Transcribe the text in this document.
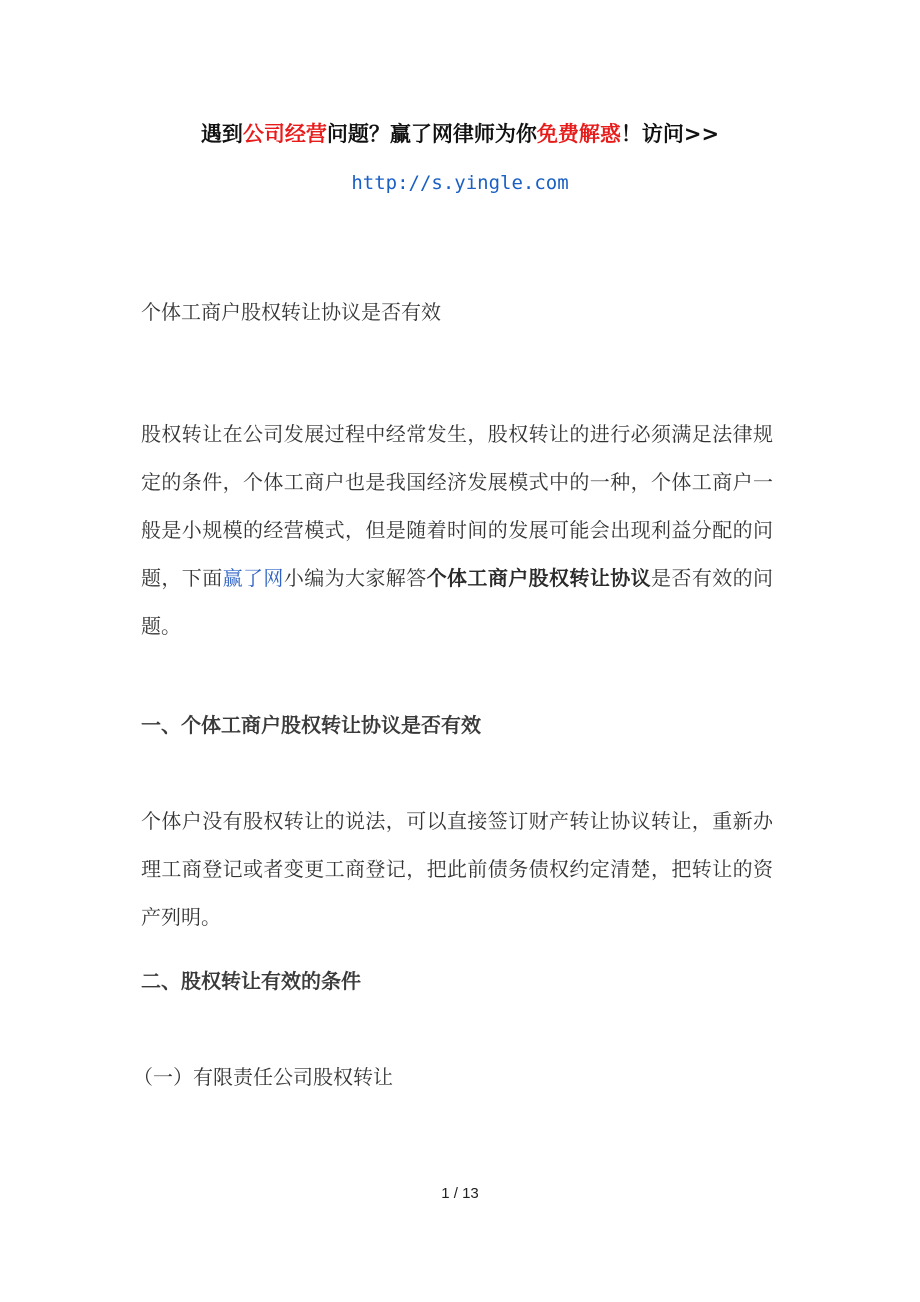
遇到公司经营问题？赢了网律师为你免费解惑！访问>>
http://s.yingle.com
个体工商户股权转让协议是否有效
股权转让在公司发展过程中经常发生，股权转让的进行必须满足法律规定的条件，个体工商户也是我国经济发展模式中的一种，个体工商户一般是小规模的经营模式，但是随着时间的发展可能会出现利益分配的问题，下面赢了网小编为大家解答个体工商户股权转让协议是否有效的问题。
一、个体工商户股权转让协议是否有效
个体户没有股权转让的说法，可以直接签订财产转让协议转让，重新办理工商登记或者变更工商登记，把此前债务债权约定清楚，把转让的资产列明。
二、股权转让有效的条件
（一）有限责任公司股权转让
1 / 13
